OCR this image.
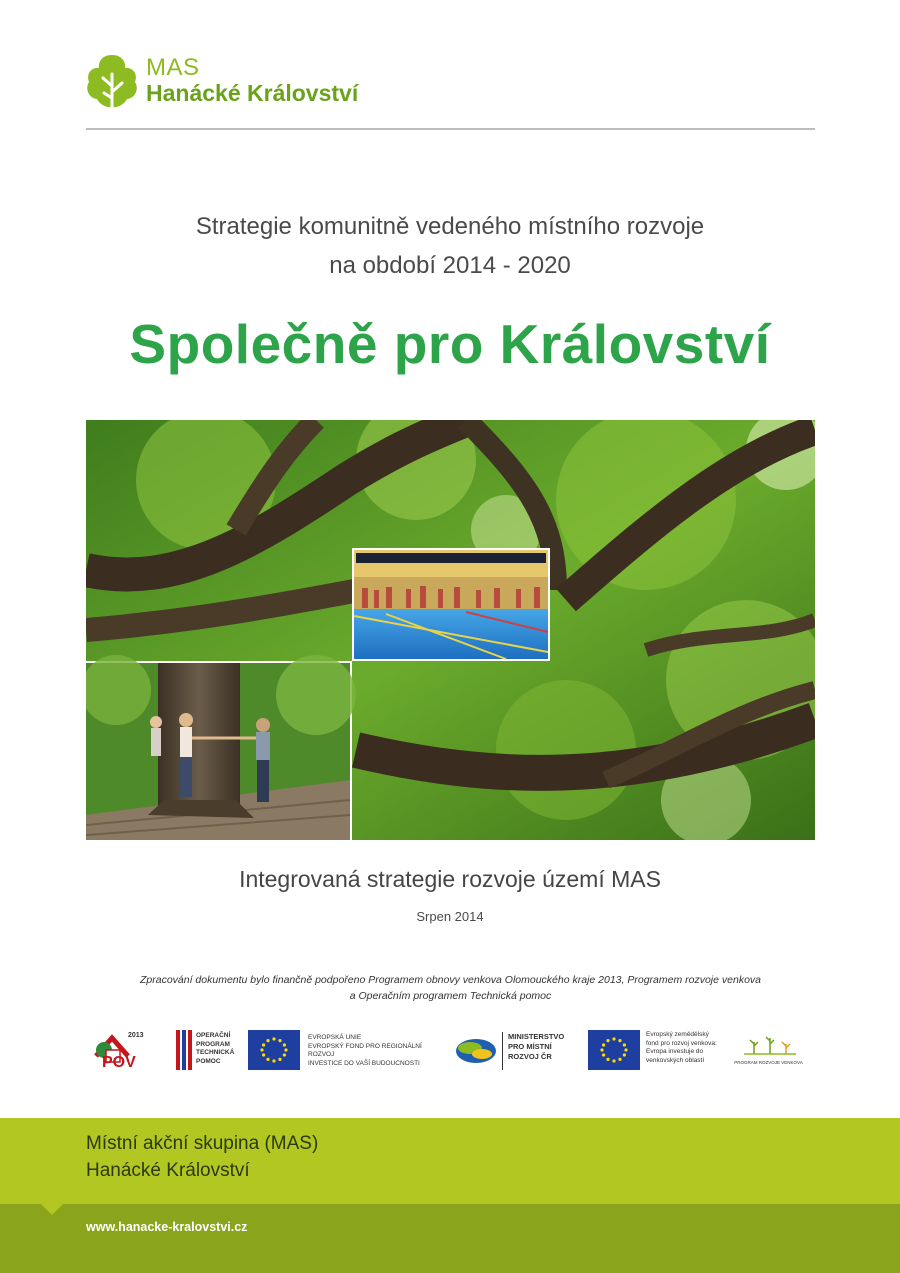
MAS
Hanácké Království
Strategie komunitně vedeného místního rozvoje
na období 2014 - 2020
Společně pro Království
Integrovaná strategie rozvoje území MAS
Srpen 2014
Zpracování dokumentu bylo finančně podpořeno Programem obnovy venkova Olomouckého kraje 2013, Programem rozvoje venkova
a Operačním programem Technická pomoc
2013
POV
OPERAČNÍ
PROGRAM
TECHNICKÁ
POMOC
EVROPSKÁ UNIE
EVROPSKÝ FOND PRO REGIONÁLNÍ ROZVOJ
INVESTICE DO VAŠÍ BUDOUCNOSTI
MINISTERSTVO
PRO MÍSTNÍ
ROZVOJ ČR
Evropský zemědělský
fond pro rozvoj venkova:
Evropa investuje do
venkovských oblastí	PROGRAM ROZVOJE VENKOVA
Místní akční skupina (MAS)
Hanácké Království
www.hanacke-kralovstvi.cz
